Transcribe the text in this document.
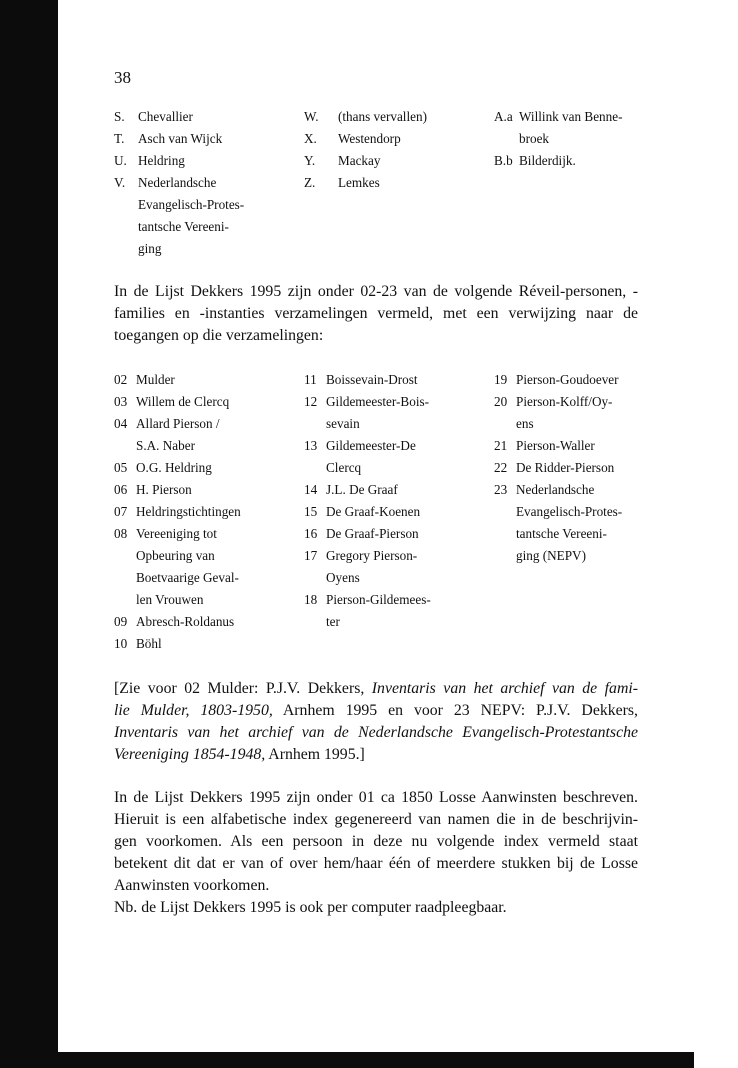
38
S.	Chevallier
T.	Asch van Wijck
U. Heldring
V. Nederlandsche
Evangelisch-Protes-
tantsche Vereeni-
ging
W.	(thans vervallen)
X.	Westendorp
Y.	Mackay
Z.	Lemkes
A.a Willink van Benne-
broek
B.b Bilderdijk.

In de Lijst Dekkers 1995 zijn onder 02-23 van de volgende Réveil-personen, -

families en -instanties verzamelingen vermeld, met een verwijzing naar de

toegangen op die verzamelingen:

02 Mulder
03 Willem de Clercq
04 Allard Pierson /
S.A. Naber
05 O.G. Heldring
06 H. Pierson
07 Heldringstichtingen
08 Vereeniging tot
Opbeuring van
Boetvaarige Geval-
len Vrouwen
09 Abresch-Roldanus
10 Böhl
11 Boissevain-Drost
12 Gildemeester-Bois-
sevain
13 Gildemeester-De
Clercq
14 J.L. De Graaf
15 De Graaf-Koenen
16 De Graaf-Pierson
17 Gregory Pierson-
Oyens
18 Pierson-Gildemees-
ter
19 Pierson-Goudoever
20 Pierson-Kolff/Oy-
ens
21 Pierson-Waller
22 De Ridder-Pierson
23 Nederlandsche
Evangelisch-Protes-
tantsche Vereeni-
ging (NEPV)

[Zie voor 02 Mulder: P.J.V. Dekkers, Inventaris van het archief van de fami-

lie Mulder, 1803-1950, Arnhem 1995 en voor 23 NEPV: P.J.V. Dekkers,

Inventaris van het archief van de Nederlandsche Evangelisch-Protestantsche

Vereeniging 1854-1948, Arnhem 1995.]

In de Lijst Dekkers 1995 zijn onder 01 ca 1850 Losse Aanwinsten beschreven.

Hieruit is een alfabetische index gegenereerd van namen die in de beschrijvin-

gen voorkomen. Als een persoon in deze nu volgende index vermeld staat

betekent dit dat er van of over hem/haar één of meerdere stukken bij de Losse

Aanwinsten voorkomen.

Nb. de Lijst Dekkers 1995 is ook per computer raadpleegbaar.
